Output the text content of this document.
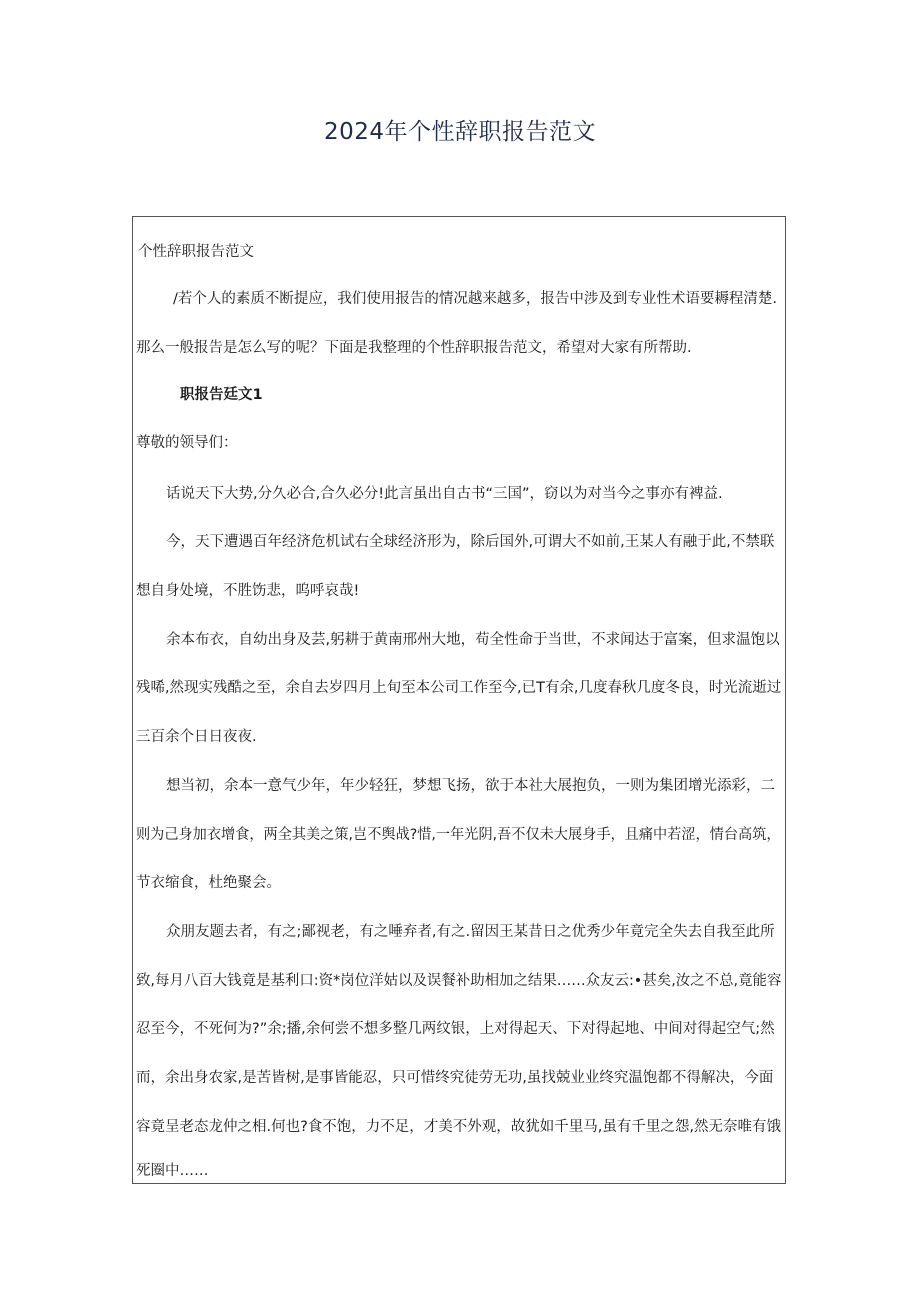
2024年个性辞职报告范文
个性辞职报告范文
/若个人的素质不断提应，我们使用报告的情况越来越多，报告中涉及到专业性术语要耨程清楚.
那么一般报告是怎么写的呢？下面是我整理的个性辞职报告范文，希望对大家有所帮助.
职报告廷文1
尊敬的领导们：
话说天下大势,分久必合,合久必分!此言虽出自古书“三国”，窃以为对当今之事亦有裨益.
今，天下遭遇百年经济危机试右全球经济形为，除后国外,可谓大不如前,王某人有融于此,不禁联
想自身处境，不胜饬悲，呜呼哀哉!
余本布衣，自幼出身及芸,躬耕于黄南邢州大地，苟全性命于当世，不求闻达于富案，但求温饱以
残唏,然现实残酷之至，余自去岁四月上旬至本公司工作至今,已T有余,几度春秋几度冬良，时光流逝过
三百余个日日夜夜.
想当初，余本一意气少年，年少轻狂，梦想飞扬，欲于本社大展抱负，一则为集团增光添彩，二
则为己身加衣增食，两全其美之策,岂不舆战?惜,一年光阴,吾不仅未大展身手，且痛中若涩，情台高筑，
节衣缩食，杜绝聚会。
众朋友题去者，有之;鄙视老，有之唾弃者,有之.留因王某昔日之优秀少年竟完全失去自我至此所
致,每月八百大钱竟是基利口:资*岗位洋姑以及误餐补助相加之结果……众友云:•甚矣,汝之不总,竟能容
忍至今，不死何为?”余;播,余何尝不想多整几两纹银，上对得起天、下对得起地、中间对得起空气;然
而，余出身农家,是苦皆树,是事皆能忍，只可惜终究徒劳无功,虽找兢业业终究温饱都不得解决，今面
容竟呈老态龙仲之相.何也?食不饱，力不足，才美不外观，故犹如千里马,虽有千里之怨,然无奈唯有饿
死圈中……
